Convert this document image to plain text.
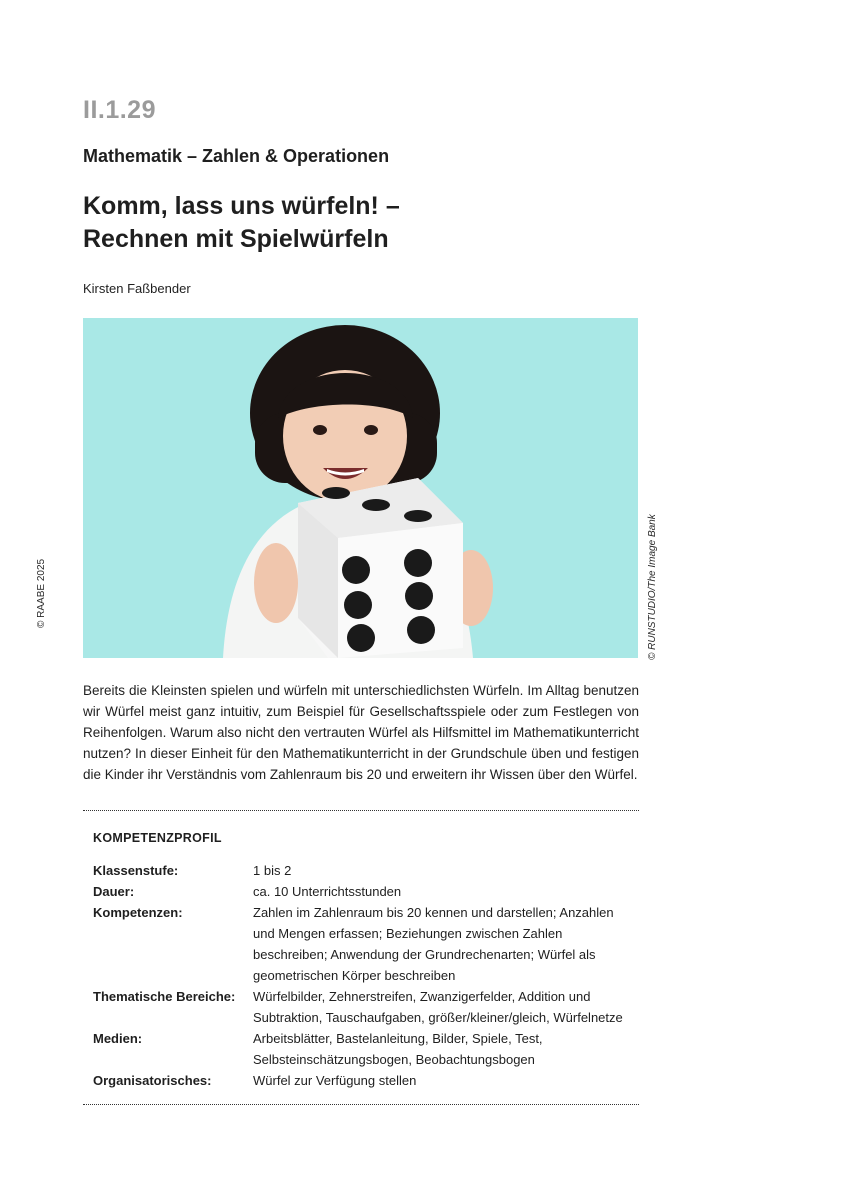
II.1.29
Mathematik – Zahlen & Operationen
Komm, lass uns würfeln! –
Rechnen mit Spielwürfeln
Kirsten Faßbender
© RUNSTUDIO/The Image Bank
© RAABE 2025

Bereits die Kleinsten spielen und würfeln mit unterschiedlichsten Würfeln. Im Alltag benutzen wir Würfel meist ganz intuitiv, zum Beispiel für Gesellschaftsspiele oder zum Festlegen von Reihenfolgen. Warum also nicht den vertrauten Würfel als Hilfsmittel im Mathematikunterricht nutzen? In dieser Einheit für den Mathematikunterricht in der Grundschule üben und festigen die Kinder ihr Verständnis vom Zahlenraum bis 20 und erweitern ihr Wissen über den Würfel.

KOMPETENZPROFIL
Klassenstufe:	1 bis 2
Dauer:	ca. 10 Unterrichtsstunden
Kompetenzen:	Zahlen im Zahlenraum bis 20 kennen und darstellen; Anzahlen und Mengen erfassen; Beziehungen zwischen Zahlen beschreiben; Anwendung der Grundrechenarten; Würfel als geometrischen Körper beschreiben
Thematische Bereiche:	Würfelbilder, Zehnerstreifen, Zwanzigerfelder, Addition und Subtraktion, Tauschaufgaben, größer/kleiner/gleich, Würfelnetze
Medien:	Arbeitsblätter, Bastelanleitung, Bilder, Spiele, Test, Selbsteinschätzungsbogen, Beobachtungsbogen
Organisatorisches:	Würfel zur Verfügung stellen
